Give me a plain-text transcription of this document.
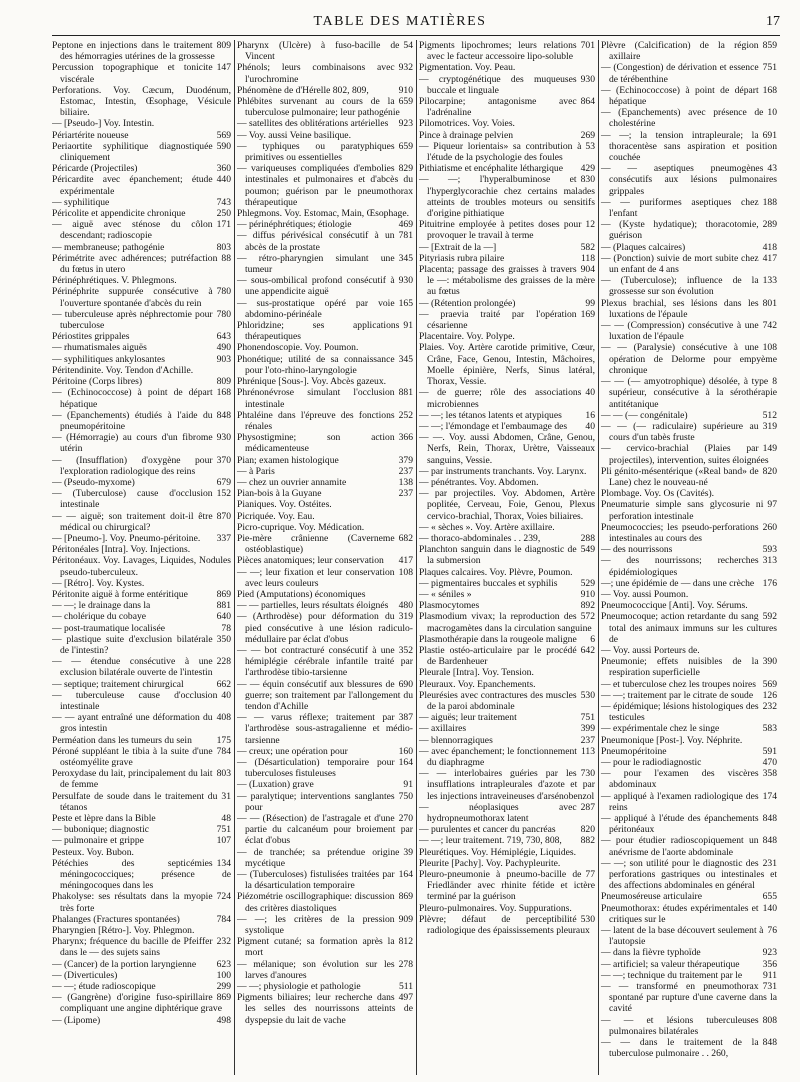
TABLE DES MATIÈRES	17

809
Peptone en injections dans le traitement des hémorragies utérines de la grossesse

147
Percussion topographique et tonicite viscérale

Perforations. Voy. Cæcum, Duodénum, Estomac, Intestin, Œsophage, Vésicule biliaire.

— [Pseudo-] Voy. Intestin.

569
Périartérite noueuse

590
Periaortite syphilitique diagnostiquée cliniquement

360
Péricarde (Projectiles)

440
Péricardite avec épanchement; étude expérimentale

743
— syphilitique

250
Péricolite et appendicite chronique

171
— aiguë avec sténose du côlon descendant; radioscopie

803
— membraneuse; pathogénie

88
Périmétrite avec adhérences; putréfaction du fœtus in utero

Périnéphrétiques. V. Phlegmons.

780
Périnéphrite suppurée consécutive à l'ouverture spontanée d'abcès du rein

780
— tuberculeuse après néphrectomie pour tuberculose

643
Périostites grippales

490
— rhumatismales aiguës

903
— syphilitiques ankylosantes

Péritendinite. Voy. Tendon d'Achille.

809
Péritoine (Corps libres)

168
— (Echinococcose) à point de départ hépatique

848
— (Epanchements) étudiés à l'aide du pneumopéritoine

930
— (Hémorragie) au cours d'un fibrome utérin

370
— (Insufflation) d'oxygène pour l'exploration radiologique des reins

679
— (Pseudo-myxome)

152
— (Tuberculose) cause d'occlusion intestinale

870
— — aiguë; son traitement doit-il être médical ou chirurgical?

337
— [Pneumo-]. Voy. Pneumo-péritoine.

Péritonéales [Intra]. Voy. Injections.

Péritonéaux. Voy. Lavages, Liquides, Nodules pseudo-tuberculeux.

— [Rétro]. Voy. Kystes.

869
Péritonite aiguë à forme entéritique

881
— —; le drainage dans la

640
— cholérique du cobaye

78
— post-traumatique localisée

350
— plastique suite d'exclusion bilatérale de l'intestin?

228
— — étendue consécutive à une exclusion bilatérale ouverte de l'intestin

662
— septique; traitement chirurgical

40
— tuberculeuse cause d'occlusion intestinale

408
— — ayant entraîné une déformation du gros intestin

175
Perméation dans les tumeurs du sein

784
Péroné suppléant le tibia à la suite d'une ostéomyélite grave

803
Peroxydase du lait, principalement du lait de femme

31
Persulfate de soude dans le traitement du tétanos

48
Peste et lèpre dans la Bible

751
— bubonique; diagnostic

107
— pulmonaire et grippe

Pesteux. Voy. Bubon.

134
Pétéchies des septicémies méningococciques; présence de méningocoques dans les

724
Phakolyse: ses résultats dans la myopie très forte

784
Phalanges (Fractures spontanées)

Pharyngien [Rétro-]. Voy. Phlegmon.

232
Pharynx; fréquence du bacille de Pfeiffer dans le — des sujets sains

623
— (Cancer) de la portion laryngienne

100
— (Diverticules)

299
— —; étude radioscopique

869
— (Gangrène) d'origine fuso-spirillaire compliquant une angine diphtérique grave

498
— (Lipome)

54
Pharynx (Ulcère) à fuso-bacille de Vincent

932
Phénols; leurs combinaisons avec l'urochromine

910
Phénomène de d'Hérelle 802, 809,

659
Phlébites survenant au cours de la tuberculose pulmonaire; leur pathogénie

923
— satellites des oblitérations artérielles

— Voy. aussi Veine basilique.

659
— typhiques ou paratyphiques primitives ou essentielles

829
— variqueuses compliquées d'embolies intestinales et pulmonaires et d'abcès du poumon; guérison par le pneumothorax thérapeutique

Phlegmons. Voy. Estomac, Main, Œsophage.

469
— périnéphrétiques; étiologie

781
— diffus périvésical consécutif à un abcès de la prostate

345
— rétro-pharyngien simulant une tumeur

930
— sous-ombilical profond consécutif à une appendicite aiguë

165
— sus-prostatique opéré par voie abdomino-périnéale

91
Phloridzine; ses applications thérapeutiques

Phonendoscopie. Voy. Poumon.

345
Phonétique; utilité de sa connaissance pour l'oto-rhino-laryngologie

Phrénique [Sous-]. Voy. Abcès gazeux.

881
Phrénonévrose simulant l'occlusion intestinale

252
Phtaléine dans l'épreuve des fonctions rénales

366
Physostigmine; son action médicamenteuse

379
Pian; examen histologique

237
— à Paris

138
— chez un ouvrier annamite

237
Pian-bois à la Guyane

Pianiques. Voy. Ostéites.

Picriquée. Voy. Eau.

Picro-cuprique. Voy. Médication.

682
Pie-mère crânienne (Caverneme ostéoblastique)

417
Pièces anatomiques; leur conservation

108
— —; leur fixation et leur conservation avec leurs couleurs

Pied (Amputations) économiques

480
— — partielles, leurs résultats éloignés

319
— (Arthrodèse) pour déformation du pied consécutive à une lésion radiculo-médullaire par éclat d'obus

352
— — bot contracturé consécutif à une hémiplégie cérébrale infantile traité par l'arthrodèse tibio-tarsienne

690
— — équin consécutif aux blessures de guerre; son traitement par l'allongement du tendon d'Achille

387
— — varus réflexe; traitement par l'arthrodèse sous-astragalienne et médio-tarsienne

160
— creux; une opération pour

164
— (Désarticulation) temporaire pour tuberculoses fistuleuses

91
— (Luxation) grave

750
— paralytique; interventions sanglantes pour

270
— — (Résection) de l'astragale et d'une partie du calcanéum pour broiement par éclat d'obus

39
— de tranchée; sa prétendue origine mycétique

164
— (Tuberculoses) fistulisées traitées par la désarticulation temporaire

869
Piézométrie oscillographique: discussion des critères diastoliques

909
— —; les critères de la pression systolique

812
Pigment cutané; sa formation après la mort

278
— mélanique; son évolution sur les larves d'anoures

511
— —; physiologie et pathologie

497
Pigments biliaires; leur recherche dans les selles des nourrissons atteints de dyspepsie du lait de vache

701
Pigments lipochromes; leurs relations avec le facteur accessoire lipo-soluble

Pigmentation. Voy. Peau.

930
— cryptogénétique des muqueuses buccale et linguale

864
Pilocarpine; antagonisme avec l'adrénaline

Pilomotrices. Voy. Voies.

269
Pince à drainage pelvien

53
— Piqueur lorientais» sa contribution à l'étude de la psychologie des foules

429
Pithiatisme et encéphalite léthargique

830
— —; l'hyperalbuminose et l'hyperglycorachie chez certains malades atteints de troubles moteurs ou sensitifs d'origine pithiatique

12
Pituitrine employée à petites doses pour provoquer le travail à terme

582
— [Extrait de la —]

118
Pityriasis rubra pilaire

904
Placenta; passage des graisses à travers le —: métabolisme des graisses de la mère au fœtus

99
— (Rétention prolongée)

169
— praevia traité par l'opération césarienne

Placentaire. Voy. Polype.

Plaies. Voy. Artère carotide primitive, Cœur, Crâne, Face, Genou, Intestin, Mâchoires, Moelle épinière, Nerfs, Sinus latéral, Thorax, Vessie.

40
— de guerre; rôle des associations microbiennes

16
— —; les tétanos latents et atypiques

40
— —; l'émondage et l'embaumage des

— —. Voy. aussi Abdomen, Crâne, Genou, Nerfs, Rein, Thorax, Urètre, Vaisseaux sanguins, Vessie.

— par instruments tranchants. Voy. Larynx.

— pénétrantes. Voy. Abdomen.

— par projectiles. Voy. Abdomen, Artère poplitée, Cerveau, Foie, Genou, Plexus cervico-brachial, Thorax, Voies biliaires.

— « sèches ». Voy. Artère axillaire.

288
— thoraco-abdominales . . 239,

549
Planchton sanguin dans le diagnostic de la submersion

Plaques calcaires. Voy. Plèvre, Poumon.

529
— pigmentaires buccales et syphilis

910
— « séniles »

892
Plasmocytomes

572
Plasmodium vivax; la reproduction des macrogamètes dans la circulation sanguine

6
Plasmothérapie dans la rougeole maligne

642
Plastie ostéo-articulaire par le procédé de Bardenheuer

Pleurale [Intra]. Voy. Tension.

Pleuraux. Voy. Epanchements.

530
Pleurésies avec contractures des muscles de la paroi abdominale

751
— aiguës; leur traitement

399
— axillaires

237
— blennorragiques

113
— avec épanchement; le fonctionnement du diaphragme

730
— — interlobaires guéries par les insufflations intrapleurales d'azote et par les injections intraveineuses d'arsénobenzol

287
— néoplasiques avec hydropneumothorax latent

820
— purulentes et cancer du pancréas

882
— —; leur traitement. 719, 730, 808,

Pleurétiques. Voy. Hémiplégie, Liquides.

Pleurite [Pachy]. Voy. Pachypleurite.

77
Pleuro-pneumonie à pneumo-bacille de Friedländer avec rhinite fétide et ictère terminé par la guérison

Pleuro-pulmonaires. Voy. Suppurations.

530
Plèvre; défaut de perceptibilité radiologique des épaississements pleuraux

859
Plèvre (Calcification) de la région axillaire

751
— (Congestion) de dérivation et essence de térébenthine

168
— (Echinococcose) à point de départ hépatique

10
— (Epanchements) avec présence de cholestérine

691
— —; la tension intrapleurale; la thoracentèse sans aspiration et position couchée

43
— — aseptiques pneumogènes consécutifs aux lésions pulmonaires grippales

188
— — puriformes aseptiques chez l'enfant

289
— (Kyste hydatique); thoracotomie, guérison

418
— (Plaques calcaires)

417
— (Ponction) suivie de mort subite chez un enfant de 4 ans

133
— (Tuberculose); influence de la grossesse sur son évolution

801
Plexus brachial, ses lésions dans les luxations de l'épaule

742
— — (Compression) consécutive à une luxation de l'épaule

108
— — (Paralysie) consécutive à une opération de Delorme pour empyème chronique

8
— — (— amyotrophique) désolée, à type supérieur, consécutive à la sérothérapie antitétanique

512
— — (— congénitale)

319
— — (— radiculaire) supérieure au cours d'un tabès fruste

149
— cervico-brachial (Plaies par projectiles), intervention, suites éloignées

820
Pli génito-mésentérique («Real band» de Lane) chez le nouveau-né

Plombage. Voy. Os (Cavités).

97
Pneumaturie simple sans glycosurie ni perforation intestinale

260
Pneumococcies; les pseudo-perforations intestinales au cours des

593
— des nourrissons

313
— des nourrissons; recherches épidémiologiques

176
—; une épidémie de — dans une crèche

— Voy. aussi Poumon.

Pneumococcique [Anti]. Voy. Sérums.

592
Pneumocoque; action retardante du sang total des animaux immuns sur les cultures de

— Voy. aussi Porteurs de.

390
Pneumonie; effets nuisibles de la respiration superficielle

569
— et tuberculose chez les troupes noires

126
— —; traitement par le citrate de soude

232
— épidémique; lésions histologiques des testicules

583
— expérimentale chez le singe

Pneumonique [Post-]. Voy. Néphrite.

591
Pneumopéritoine

470
— pour le radiodiagnostic

358
— pour l'examen des viscères abdominaux

174
— appliqué à l'examen radiologique des reins

848
— appliqué à l'étude des épanchements péritonéaux

848
— pour étudier radioscopiquement un anévrisme de l'aorte abdominale

231
— —; son utilité pour le diagnostic des perforations gastriques ou intestinales et des affections abdominales en général

655
Pneumoséreuse articulaire

140
Pneumothorax: études expérimentales et critiques sur le

76
— latent de la base découvert seulement à l'autopsie

923
— dans la fièvre typhoïde

356
— artificiel; sa valeur thérapeutique

911
— —; technique du traitement par le

731
— — transformé en pneumothorax spontané par rupture d'une caverne dans la cavité

808
— — et lésions tuberculeuses pulmonaires bilatérales

848
— — dans le traitement de la tuberculose pulmonaire . . 260,
